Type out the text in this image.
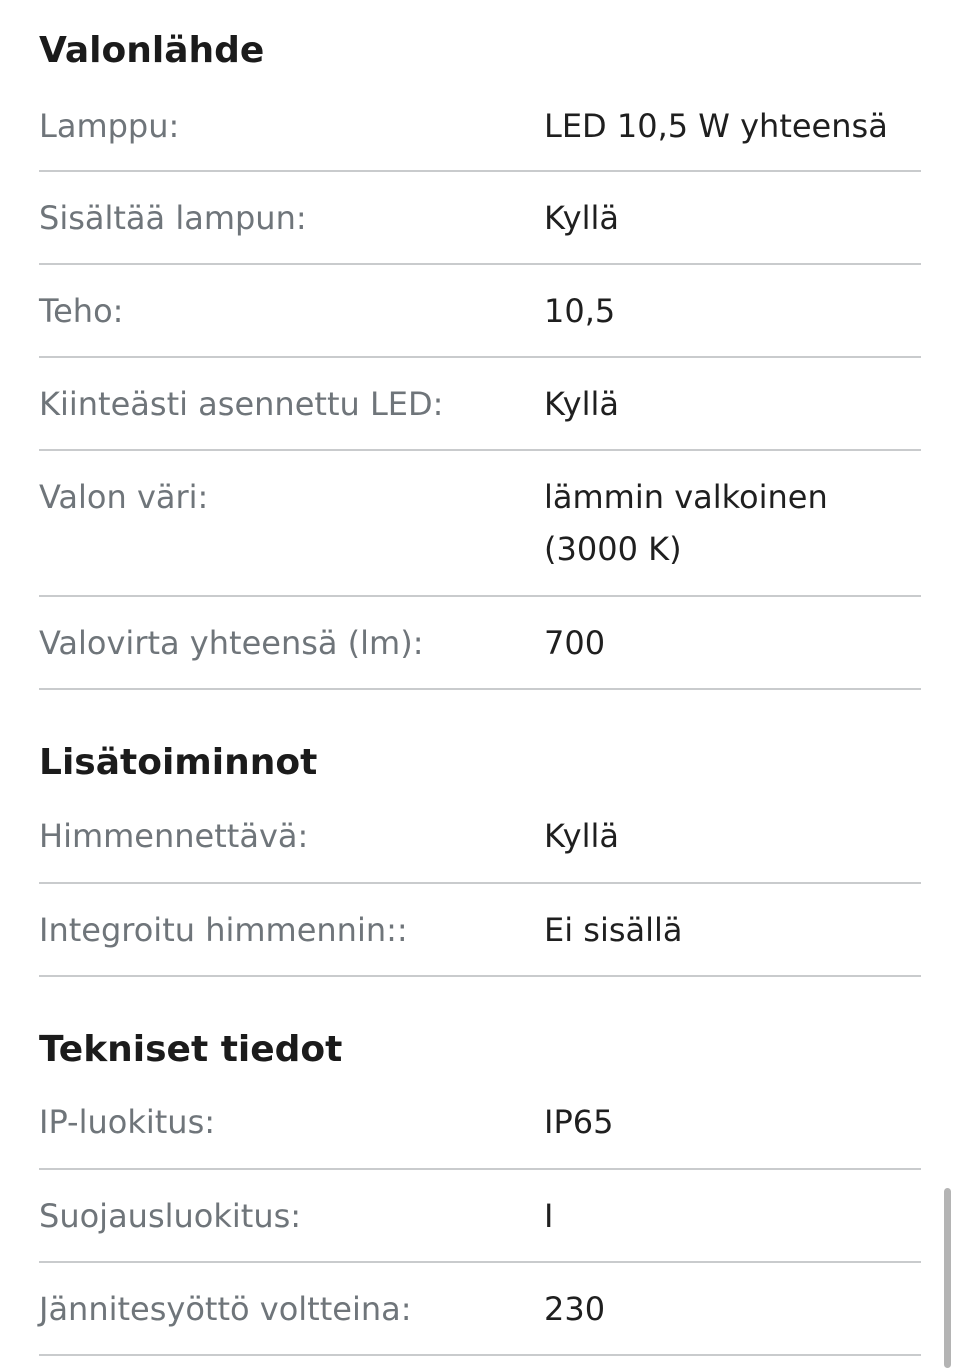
Valonlähde
Lamppu:	LED 10,5 W yhteensä
Sisältää lampun:	Kyllä
Teho:	10,5
Kiinteästi asennettu LED:	Kyllä
Valon väri:	lämmin valkoinen (3000 K)
Valovirta yhteensä (lm):	700
Lisätoiminnot
Himmennettävä:	Kyllä
Integroitu himmennin::	Ei sisällä
Tekniset tiedot
IP-luokitus:	IP65
Suojausluokitus:	I
Jännitesyöttö voltteina:	230
